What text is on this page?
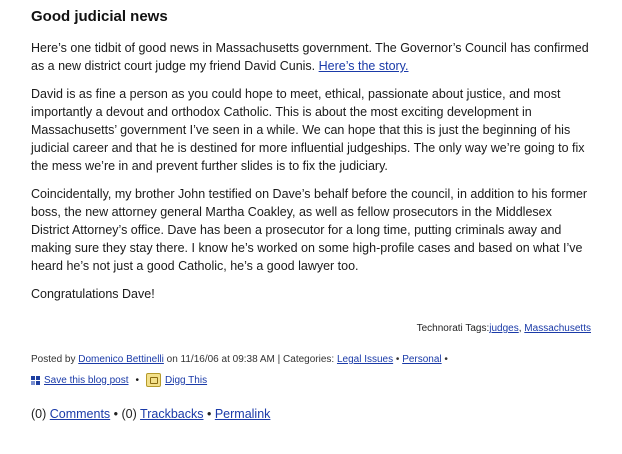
Good judicial news

Here’s one tidbit of good news in Massachusetts government. The Governor’s Council has confirmed as a new district court judge my friend David Cunis. Here’s the story.

David is as fine a person as you could hope to meet, ethical, passionate about justice, and most importantly a devout and orthodox Catholic. This is about the most exciting development in Massachusetts’ government I’ve seen in a while. We can hope that this is just the beginning of his judicial career and that he is destined for more influential judgeships. The only way we’re going to fix the mess we’re in and prevent further slides is to fix the judiciary.

Coincidentally, my brother John testified on Dave’s behalf before the council, in addition to his former boss, the new attorney general Martha Coakley, as well as fellow prosecutors in the Middlesex District Attorney’s office. Dave has been a prosecutor for a long time, putting criminals away and making sure they stay there. I know he’s worked on some high-profile cases and based on what I’ve heard he’s not just a good Catholic, he’s a good lawyer too.

Congratulations Dave!

Technorati Tags:judges, Massachusetts
Posted by Domenico Bettinelli on 11/16/06 at 09:38 AM | Categories: Legal Issues • Personal •
Save this blog post •	Digg This
(0) Comments • (0) Trackbacks • Permalink
